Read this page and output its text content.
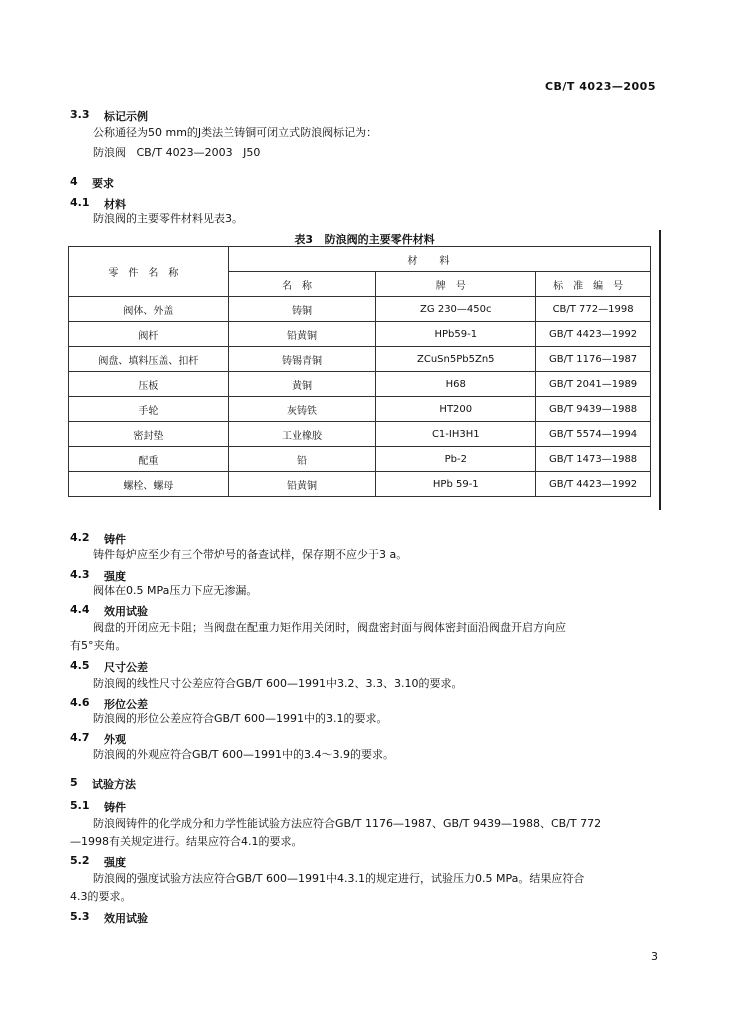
CB/T 4023—2005
3.3 标记示例
公称通径为50 mm的J类法兰铸铜可闭立式防浪阀标记为：
防浪阀   CB/T 4023—2003   J50
4 要求
4.1 材料
防浪阀的主要零件材料见表3。
表3   防浪阀的主要零件材料
零件名称	材料		
	名称	牌号	标准编号
阀体、外盖	铸铜	ZG 230—450c	CB/T 772—1998
阀杆	铅黄铜	HPb59-1	GB/T 4423—1992
阀盘、填料压盖、扣杆	铸锡青铜	ZCuSn5Pb5Zn5	GB/T 1176—1987
压板	黄铜	H68	GB/T 2041—1989
手轮	灰铸铁	HT200	GB/T 9439—1988
密封垫	工业橡胶	C1-IH3H1	GB/T 5574—1994
配重	铅	Pb-2	GB/T 1473—1988
螺栓、螺母	铅黄铜	HPb 59-1	GB/T 4423—1992
4.2 铸件
铸件每炉应至少有三个带炉号的备查试样，保存期不应少于3 a。
4.3 强度
阀体在0.5 MPa压力下应无渗漏。
4.4 效用试验
阀盘的开闭应无卡阻；当阀盘在配重力矩作用关闭时，阀盘密封面与阀体密封面沿阀盘开启方向应
有5°夹角。
4.5 尺寸公差
防浪阀的线性尺寸公差应符合GB/T 600—1991中3.2、3.3、3.10的要求。
4.6 形位公差
防浪阀的形位公差应符合GB/T 600—1991中的3.1的要求。
4.7 外观
防浪阀的外观应符合GB/T 600—1991中的3.4～3.9的要求。
5 试验方法
5.1 铸件
防浪阀铸件的化学成分和力学性能试验方法应符合GB/T 1176—1987、GB/T 9439—1988、CB/T 772
—1998有关规定进行。结果应符合4.1的要求。
5.2 强度
防浪阀的强度试验方法应符合GB/T 600—1991中4.3.1的规定进行，试验压力0.5 MPa。结果应符合
4.3的要求。
5.3 效用试验
3
